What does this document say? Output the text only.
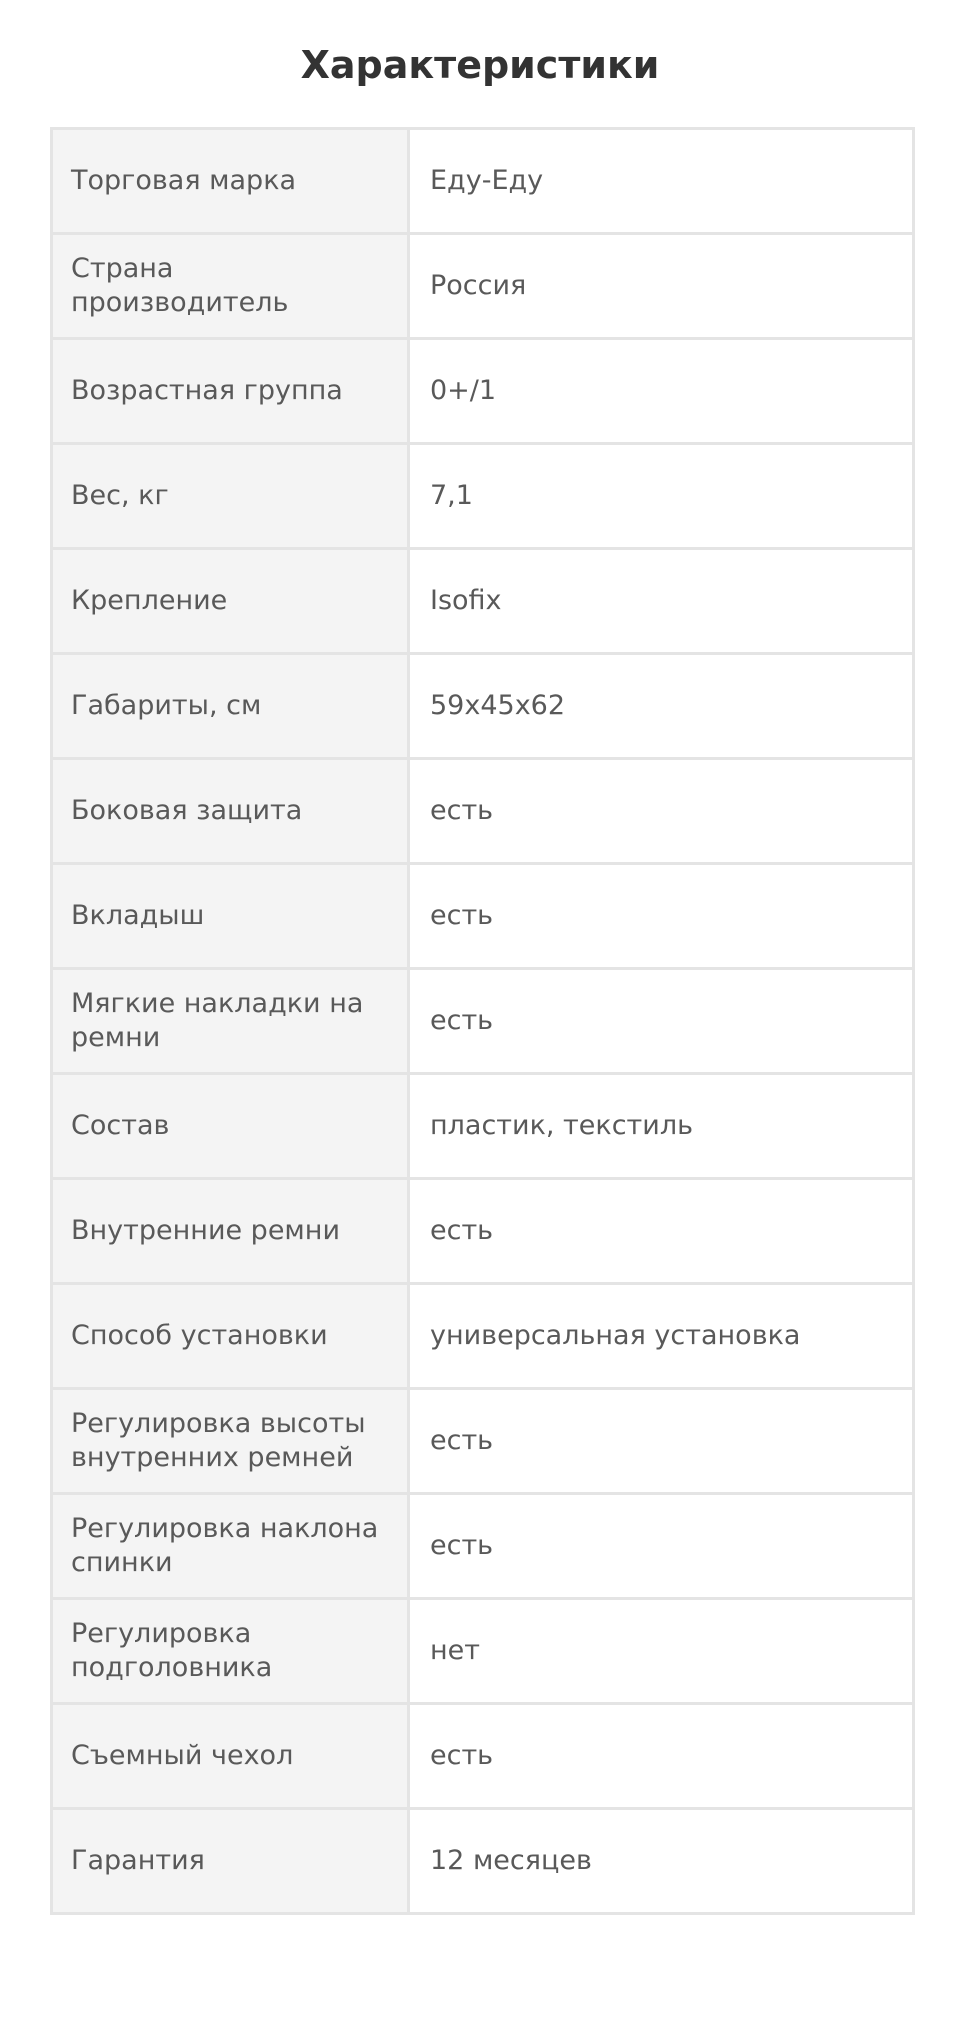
Характеристики
Торговая марка	Еду-Еду
Страна производитель	Россия
Возрастная группа	0+/1
Вес, кг	7,1
Крепление	Isofix
Габариты, см	59x45x62
Боковая защита	есть
Вкладыш	есть
Мягкие накладки на ремни	есть
Состав	пластик, текстиль
Внутренние ремни	есть
Способ установки	универсальная установка
Регулировка высоты внутренних ремней	есть
Регулировка наклона спинки	есть
Регулировка подголовника	нет
Съемный чехол	есть
Гарантия	12 месяцев
